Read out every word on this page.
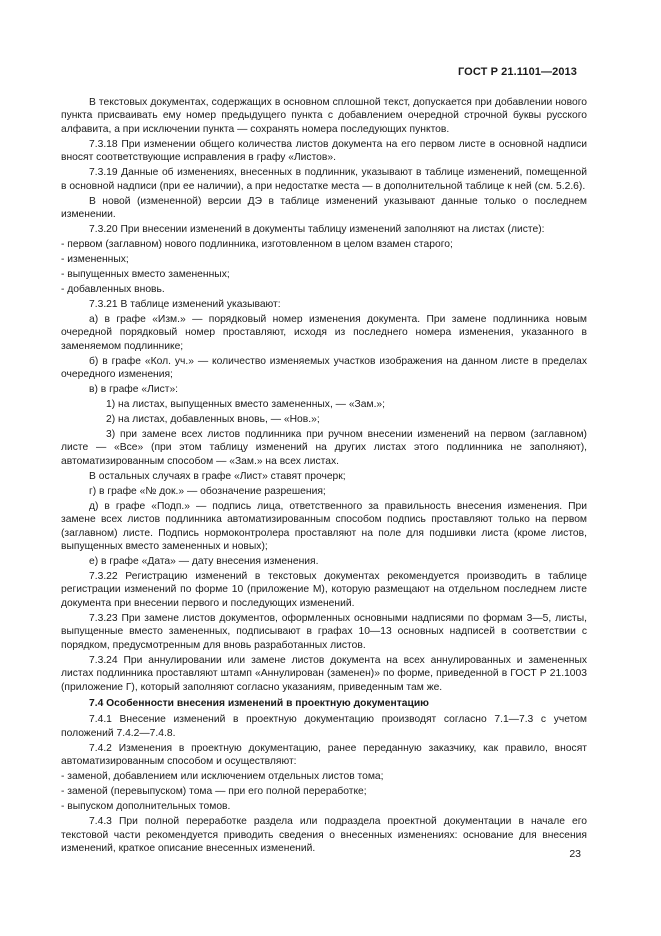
ГОСТ Р 21.1101—2013

В текстовых документах, содержащих в основном сплошной текст, допускается при добавлении нового пункта присваивать ему номер предыдущего пункта с добавлением очередной строчной буквы русского алфавита, а при исключении пункта — сохранять номера последующих пунктов.

7.3.18 При изменении общего количества листов документа на его первом листе в основной надписи вносят соответствующие исправления в графу «Листов».

7.3.19 Данные об изменениях, внесенных в подлинник, указывают в таблице изменений, помещенной в основной надписи (при ее наличии), а при недостатке места — в дополнительной таблице к ней (см. 5.2.6).

В новой (измененной) версии ДЭ в таблице изменений указывают данные только о последнем изменении.

7.3.20 При внесении изменений в документы таблицу изменений заполняют на листах (листе):

- первом (заглавном) нового подлинника, изготовленном в целом взамен старого;

- измененных;

- выпущенных вместо замененных;

- добавленных вновь.

7.3.21 В таблице изменений указывают:

а) в графе «Изм.» — порядковый номер изменения документа. При замене подлинника новым очередной порядковый номер проставляют, исходя из последнего номера изменения, указанного в заменяемом подлиннике;

б) в графе «Кол. уч.» — количество изменяемых участков изображения на данном листе в пределах очередного изменения;

в) в графе «Лист»:

1) на листах, выпущенных вместо замененных, — «Зам.»;

2) на листах, добавленных вновь, — «Нов.»;

3) при замене всех листов подлинника при ручном внесении изменений на первом (заглавном) листе — «Все» (при этом таблицу изменений на других листах этого подлинника не заполняют), автоматизированным способом — «Зам.» на всех листах.

В остальных случаях в графе «Лист» ставят прочерк;

г) в графе «№ док.» — обозначение разрешения;

д) в графе «Подп.» — подпись лица, ответственного за правильность внесения изменения. При замене всех листов подлинника автоматизированным способом подпись проставляют только на первом (заглавном) листе. Подпись нормоконтролера проставляют на поле для подшивки листа (кроме листов, выпущенных вместо замененных и новых);

е) в графе «Дата» — дату внесения изменения.

7.3.22 Регистрацию изменений в текстовых документах рекомендуется производить в таблице регистрации изменений по форме 10 (приложение М), которую размещают на отдельном последнем листе документа при внесении первого и последующих изменений.

7.3.23 При замене листов документов, оформленных основными надписями по формам 3—5, листы, выпущенные вместо замененных, подписывают в графах 10—13 основных надписей в соответствии с порядком, предусмотренным для вновь разработанных листов.

7.3.24 При аннулировании или замене листов документа на всех аннулированных и замененных листах подлинника проставляют штамп «Аннулирован (заменен)» по форме, приведенной в ГОСТ Р 21.1003 (приложение Г), который заполняют согласно указаниям, приведенным там же.

7.4 Особенности внесения изменений в проектную документацию

7.4.1 Внесение изменений в проектную документацию производят согласно 7.1—7.3 с учетом положений 7.4.2—7.4.8.

7.4.2 Изменения в проектную документацию, ранее переданную заказчику, как правило, вносят автоматизированным способом и осуществляют:

- заменой, добавлением или исключением отдельных листов тома;

- заменой (перевыпуском) тома — при его полной переработке;

- выпуском дополнительных томов.

7.4.3 При полной переработке раздела или подраздела проектной документации в начале его текстовой части рекомендуется приводить сведения о внесенных изменениях: основание для внесения изменений, краткое описание внесенных изменений.	23
